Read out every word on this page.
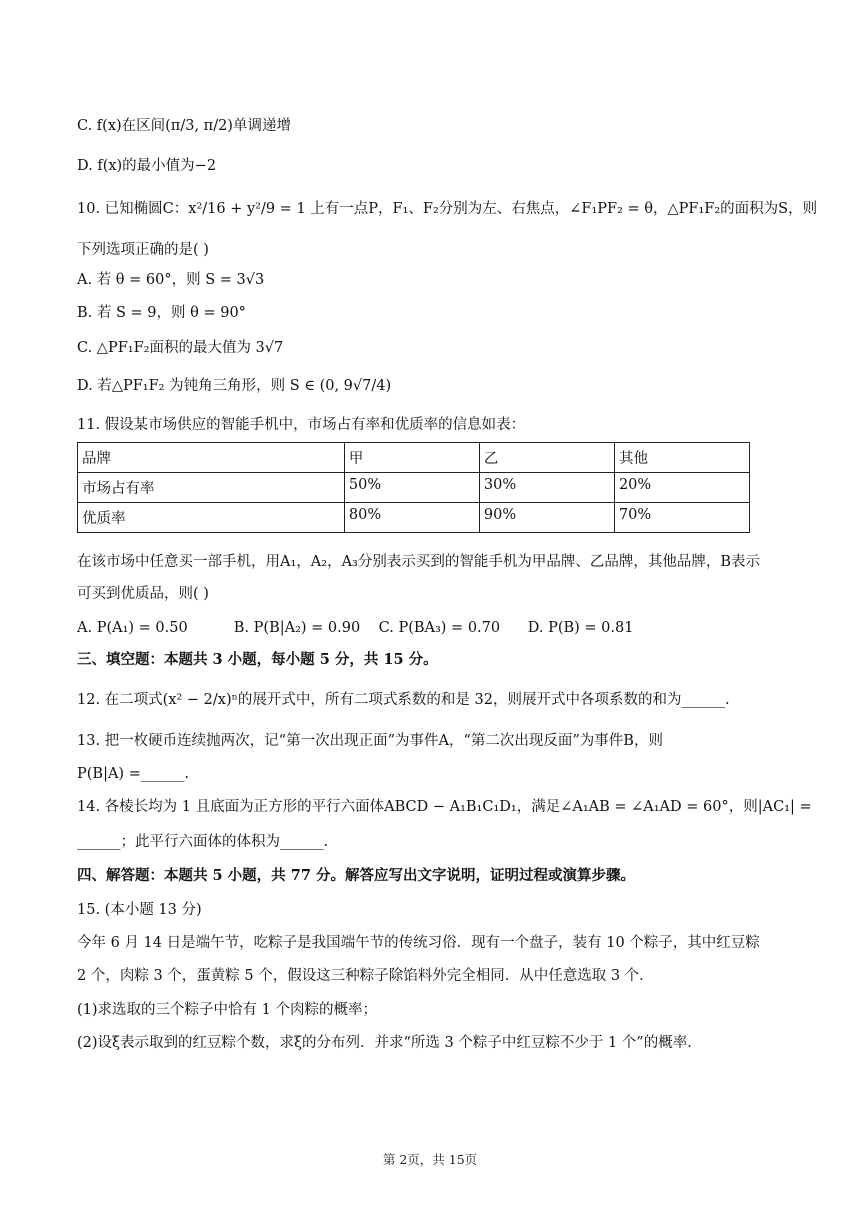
C. f(x)在区间(π/3, π/2)单调递增
D. f(x)的最小值为−2
10. 已知椭圆C：x²/16 + y²/9 = 1 上有一点P，F₁、F₂分别为左、右焦点，∠F₁PF₂ = θ，△PF₁F₂的面积为S，则
下列选项正确的是( )
A. 若 θ = 60°，则 S = 3√3
B. 若 S = 9，则 θ = 90°
C. △PF₁F₂面积的最大值为 3√7
D. 若△PF₁F₂ 为钝角三角形，则 S ∈ (0, 9√7/4)
11. 假设某市场供应的智能手机中，市场占有率和优质率的信息如表：
品牌	甲	乙	其他
市场占有率	50%	30%	20%
优质率	80%	90%	70%
在该市场中任意买一部手机，用A₁，A₂，A₃分别表示买到的智能手机为甲品牌、乙品牌，其他品牌，B表示
可买到优质品，则( )
A. P(A₁) = 0.50          B. P(B|A₂) = 0.90    C. P(BA₃) = 0.70      D. P(B) = 0.81
三、填空题：本题共 3 小题，每小题 5 分，共 15 分。
12. 在二项式(x² − 2/x)ⁿ的展开式中，所有二项式系数的和是 32，则展开式中各项系数的和为______.
13. 把一枚硬币连续抛两次，记“第一次出现正面”为事件A，“第二次出现反面”为事件B，则
P(B|A) =______.
14. 各棱长均为 1 且底面为正方形的平行六面体ABCD − A₁B₁C₁D₁，满足∠A₁AB = ∠A₁AD = 60°，则|AC₁| =
______；此平行六面体的体积为______.
四、解答题：本题共 5 小题，共 77 分。解答应写出文字说明，证明过程或演算步骤。
15. (本小题 13 分)
今年 6 月 14 日是端午节，吃粽子是我国端午节的传统习俗．现有一个盘子，装有 10 个粽子，其中红豆粽
2 个，肉粽 3 个，蛋黄粽 5 个，假设这三种粽子除馅料外完全相同．从中任意选取 3 个．
(1)求选取的三个粽子中恰有 1 个肉粽的概率；
(2)设ξ表示取到的红豆粽个数，求ξ的分布列．并求“所选 3 个粽子中红豆粽不少于 1 个”的概率．
第 2页，共 15页
